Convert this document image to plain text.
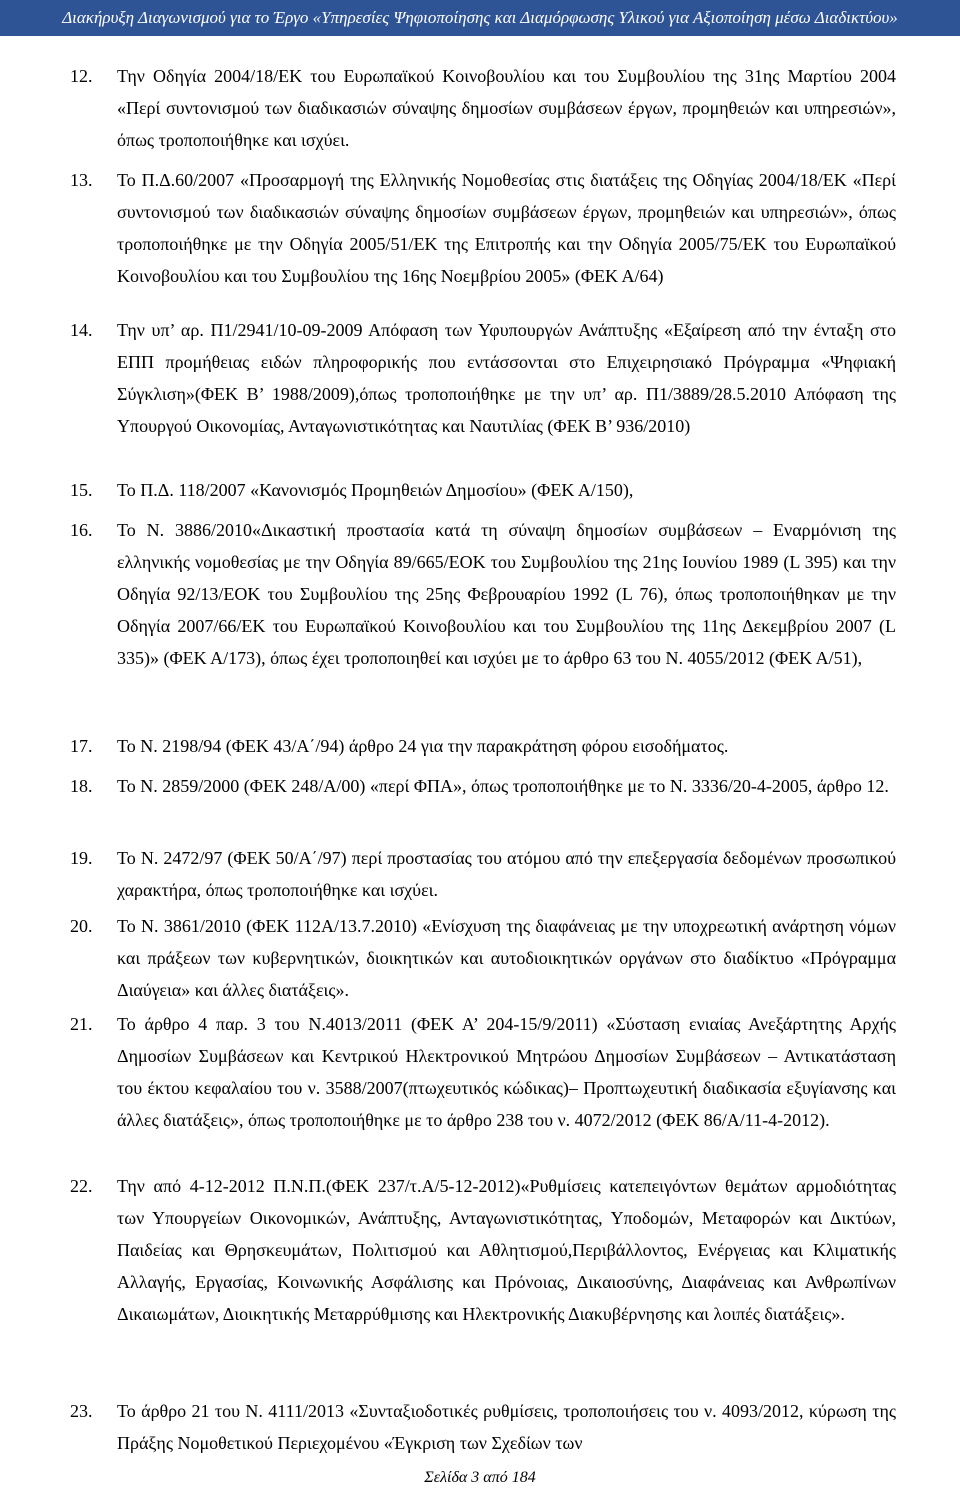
Διακήρυξη Διαγωνισμού για το Έργο «Υπηρεσίες Ψηφιοποίησης και Διαμόρφωσης Υλικού για Αξιοποίηση μέσω Διαδικτύου»
12.	Την Οδηγία 2004/18/ΕΚ του Ευρωπαϊκού Κοινοβουλίου και του Συμβουλίου της 31ης Μαρτίου 2004 «Περί συντονισμού των διαδικασιών σύναψης δημοσίων συμβάσεων έργων, προμηθειών και υπηρεσιών», όπως τροποποιήθηκε και ισχύει.
13.	Το Π.Δ.60/2007 «Προσαρμογή της Ελληνικής Νομοθεσίας στις διατάξεις της Οδηγίας 2004/18/ΕΚ «Περί συντονισμού των διαδικασιών σύναψης δημοσίων συμβάσεων έργων, προμηθειών και υπηρεσιών», όπως τροποποιήθηκε με την Οδηγία 2005/51/ΕΚ της Επιτροπής και την Οδηγία 2005/75/ΕΚ του Ευρωπαϊκού Κοινοβουλίου και του Συμβουλίου της 16ης Νοεμβρίου 2005» (ΦΕΚ Α/64)
14.	Την υπ’ αρ. Π1/2941/10-09-2009 Απόφαση των Υφυπουργών Ανάπτυξης «Εξαίρεση από την ένταξη στο ΕΠΠ προμήθειας ειδών πληροφορικής που εντάσσονται στο Επιχειρησιακό Πρόγραμμα «Ψηφιακή Σύγκλιση»(ΦΕΚ Β’ 1988/2009),όπως τροποποιήθηκε με την υπ’ αρ. Π1/3889/28.5.2010 Απόφαση της Υπουργού Οικονομίας, Ανταγωνιστικότητας και Ναυτιλίας (ΦΕΚ Β’ 936/2010)
15.	Το Π.Δ. 118/2007 «Κανονισμός Προμηθειών Δημοσίου» (ΦΕΚ Α/150),
16.	Το Ν. 3886/2010«Δικαστική προστασία κατά τη σύναψη δημοσίων συμβάσεων – Εναρμόνιση της ελληνικής νομοθεσίας με την Οδηγία 89/665/ΕΟΚ του Συμβουλίου της 21ης Ιουνίου 1989 (L 395) και την Οδηγία 92/13/ΕΟΚ του Συμβουλίου της 25ης Φεβρουαρίου 1992 (L 76), όπως τροποποιήθηκαν με την Οδηγία 2007/66/ΕΚ του Ευρωπαϊκού Κοινοβουλίου και του Συμβουλίου της 11ης Δεκεμβρίου 2007 (L 335)» (ΦΕΚ Α/173), όπως έχει τροποποιηθεί και ισχύει με το άρθρο 63 του Ν. 4055/2012 (ΦΕΚ Α/51),
17.	Το Ν. 2198/94 (ΦΕΚ 43/Α΄/94) άρθρο 24 για την παρακράτηση φόρου εισοδήματος.
18.	Το Ν. 2859/2000 (ΦΕΚ 248/Α/00) «περί ΦΠΑ», όπως τροποποιήθηκε με το Ν. 3336/20-4-2005, άρθρο 12.
19.	Το Ν. 2472/97 (ΦΕΚ 50/Α΄/97) περί προστασίας του ατόμου από την επεξεργασία δεδομένων προσωπικού χαρακτήρα, όπως τροποποιήθηκε και ισχύει.
20.	Το Ν. 3861/2010 (ΦΕΚ 112Α/13.7.2010) «Ενίσχυση της διαφάνειας με την υποχρεωτική ανάρτηση νόμων και πράξεων των κυβερνητικών, διοικητικών και αυτοδιοικητικών οργάνων στο διαδίκτυο «Πρόγραμμα Διαύγεια» και άλλες διατάξεις».
21.	Το άρθρο 4 παρ. 3 του Ν.4013/2011 (ΦΕΚ Α’ 204-15/9/2011) «Σύσταση ενιαίας Ανεξάρτητης Αρχής Δημοσίων Συμβάσεων και Κεντρικού Ηλεκτρονικού Μητρώου Δημοσίων Συμβάσεων – Αντικατάσταση του έκτου κεφαλαίου του ν. 3588/2007(πτωχευτικός κώδικας)– Προπτωχευτική διαδικασία εξυγίανσης και άλλες διατάξεις», όπως τροποποιήθηκε με το άρθρο 238 του ν. 4072/2012 (ΦΕΚ 86/Α/11-4-2012).
22.	Την από 4-12-2012 Π.Ν.Π.(ΦΕΚ 237/τ.Α/5-12-2012)«Ρυθμίσεις κατεπειγόντων θεμάτων αρμοδιότητας των Υπουργείων Οικονομικών, Ανάπτυξης, Ανταγωνιστικότητας, Υποδομών, Μεταφορών και Δικτύων, Παιδείας και Θρησκευμάτων, Πολιτισμού και Αθλητισμού,Περιβάλλοντος, Ενέργειας και Κλιματικής Αλλαγής, Εργασίας, Κοινωνικής Ασφάλισης και Πρόνοιας, Δικαιοσύνης, Διαφάνειας και Ανθρωπίνων Δικαιωμάτων, Διοικητικής Μεταρρύθμισης και Ηλεκτρονικής Διακυβέρνησης και λοιπές διατάξεις».
23.	Το άρθρο 21 του Ν. 4111/2013 «Συνταξιοδοτικές ρυθμίσεις, τροποποιήσεις του ν. 4093/2012, κύρωση της Πράξης Νομοθετικού Περιεχομένου «Έγκριση των Σχεδίων των
Σελίδα 3 από 184
